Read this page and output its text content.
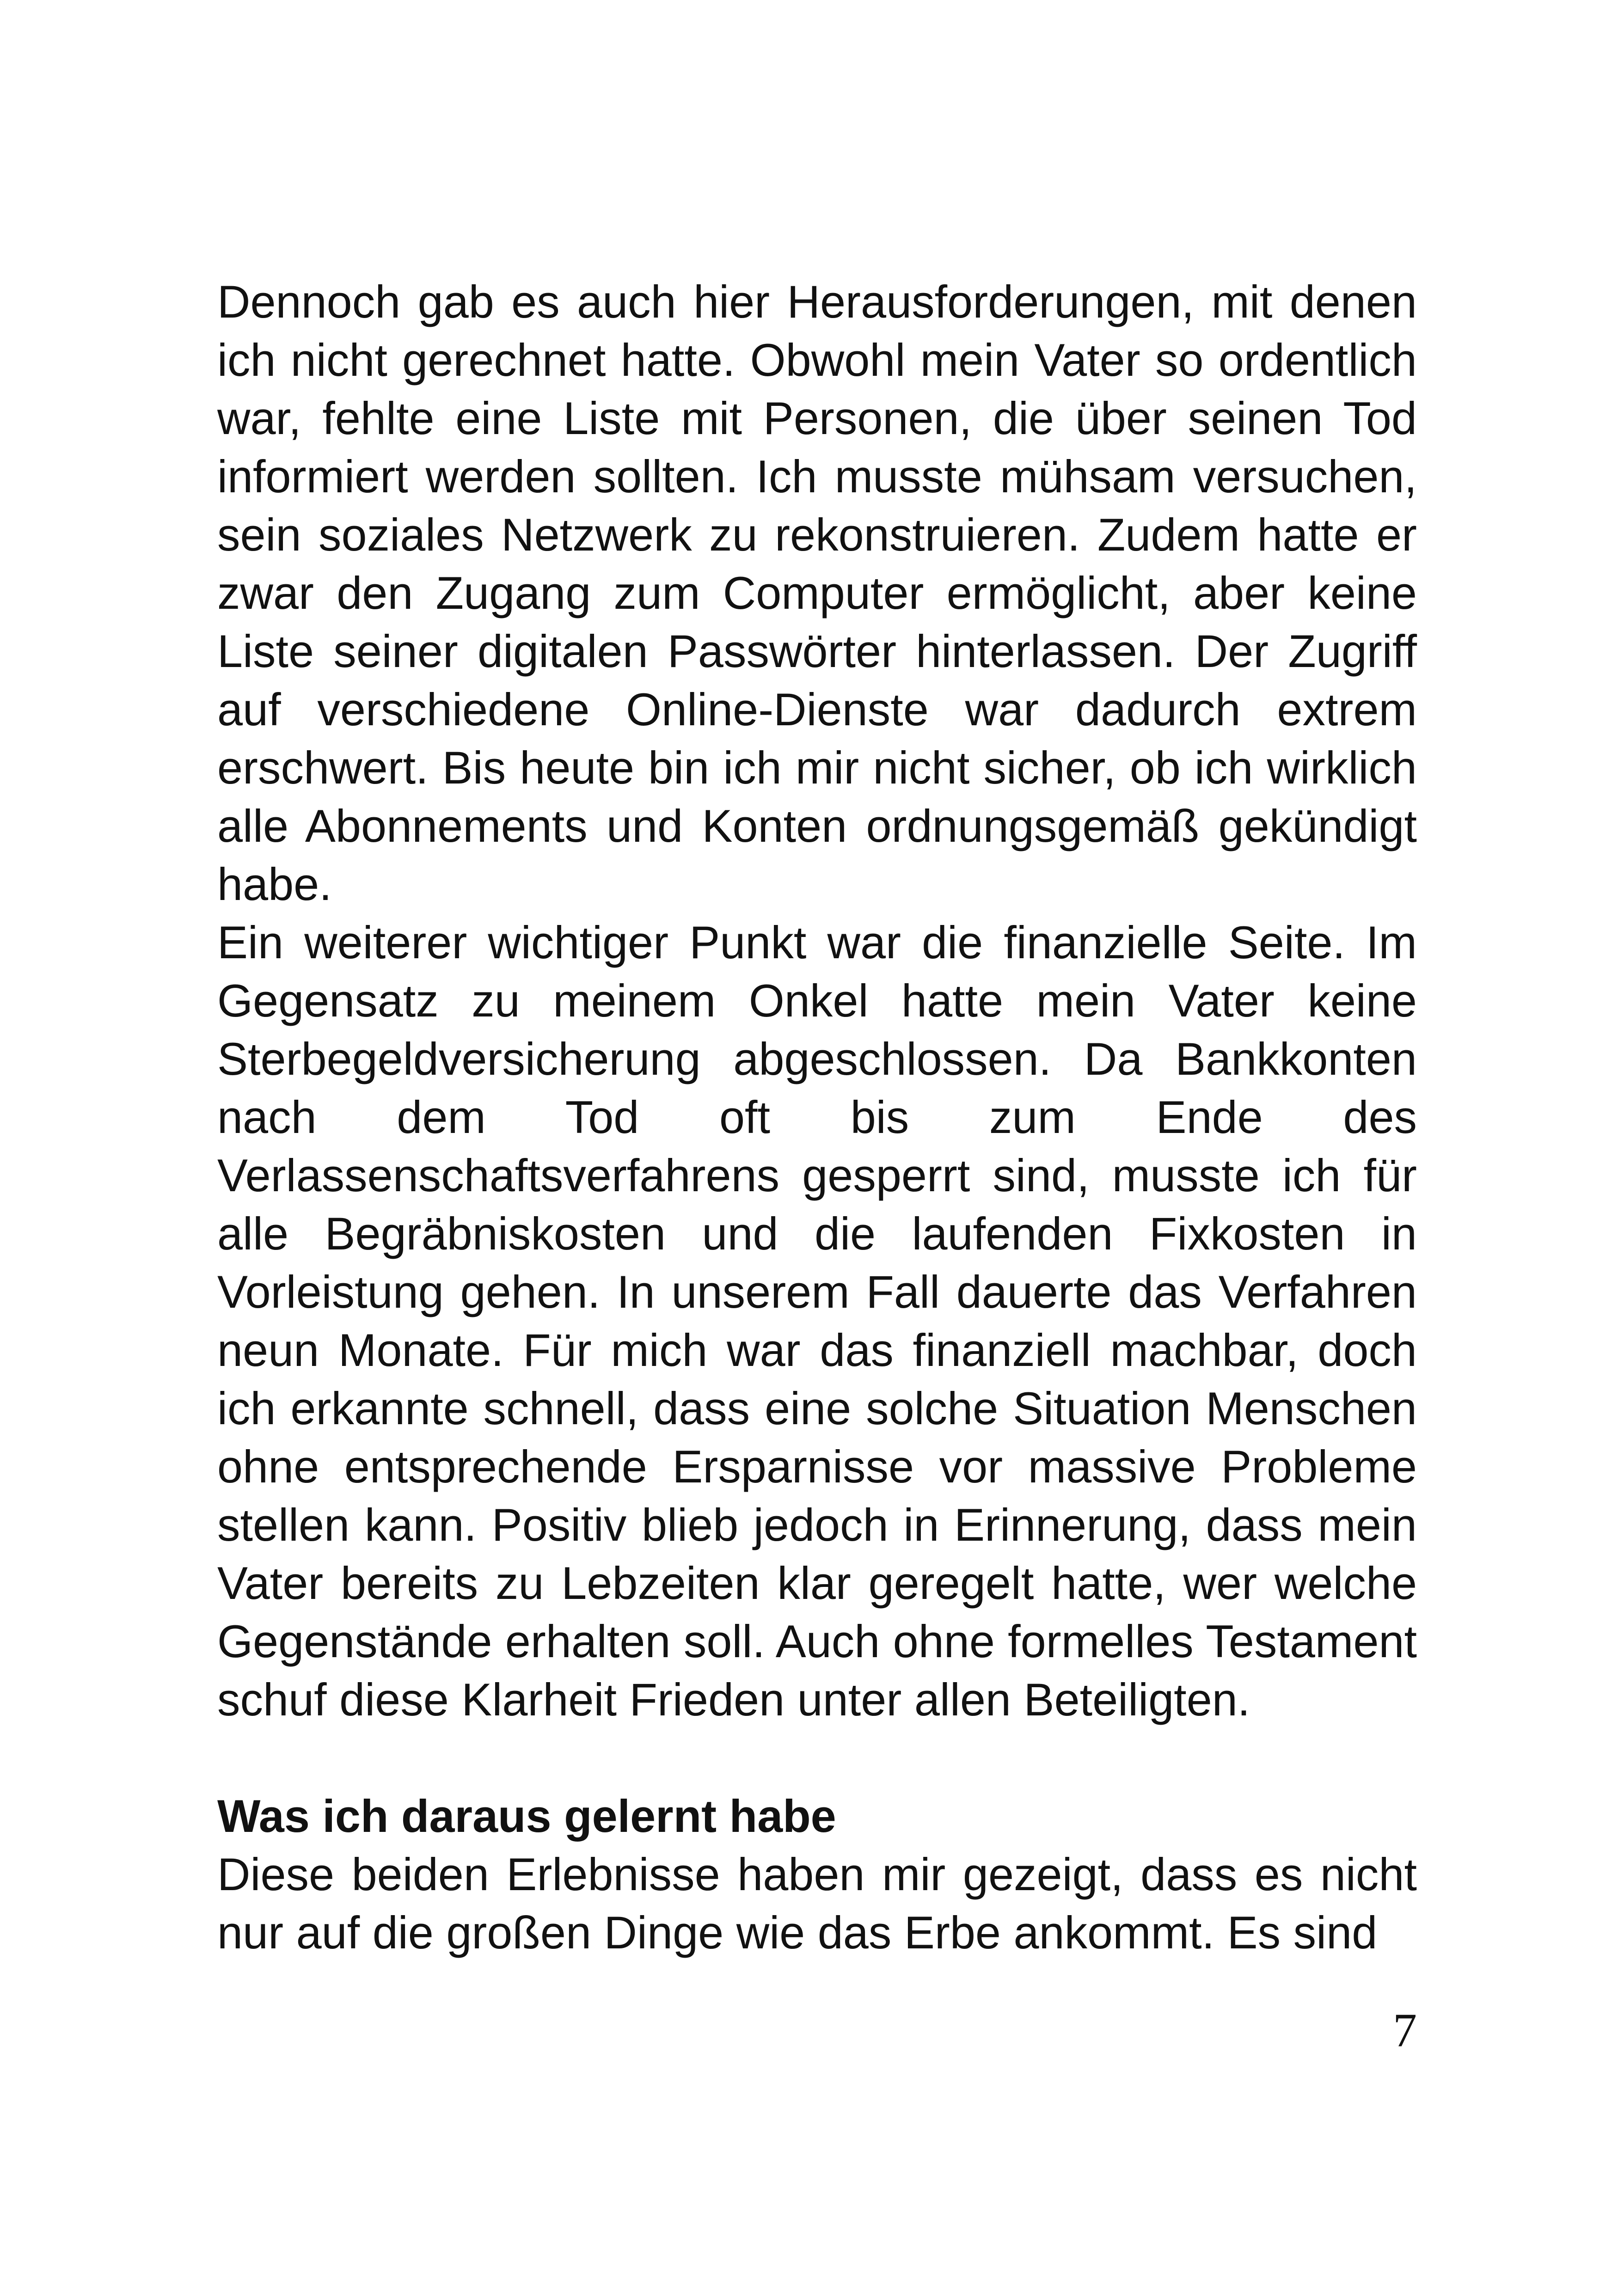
Dennoch gab es auch hier Herausforderungen, mit denen ich nicht gerechnet hatte. Obwohl mein Vater so ordentlich war, fehlte eine Liste mit Personen, die über seinen Tod informiert werden sollten. Ich musste mühsam versuchen, sein soziales Netzwerk zu rekonstruieren. Zudem hatte er zwar den Zugang zum Computer ermöglicht, aber keine Liste seiner digitalen Passwörter hinterlassen. Der Zugriff auf verschiedene Online-Dienste war dadurch extrem erschwert. Bis heute bin ich mir nicht sicher, ob ich wirklich alle Abonnements und Konten ordnungsgemäß gekündigt habe.

Ein weiterer wichtiger Punkt war die finanzielle Seite. Im Gegensatz zu meinem Onkel hatte mein Vater keine Sterbegeldversicherung abgeschlossen. Da Bankkonten nach dem Tod oft bis zum Ende des Verlassenschaftsverfahrens gesperrt sind, musste ich für alle Begräbniskosten und die laufenden Fixkosten in Vorleistung gehen. In unserem Fall dauerte das Verfahren neun Monate. Für mich war das finanziell machbar, doch ich erkannte schnell, dass eine solche Situation Menschen ohne entsprechende Ersparnisse vor massive Probleme stellen kann. Positiv blieb jedoch in Erinnerung, dass mein Vater bereits zu Lebzeiten klar geregelt hatte, wer welche Gegenstände erhalten soll. Auch ohne formelles Testament schuf diese Klarheit Frieden unter allen Beteiligten.

Was ich daraus gelernt habe

Diese beiden Erlebnisse haben mir gezeigt, dass es nicht nur auf die großen Dinge wie das Erbe ankommt. Es sind

7
